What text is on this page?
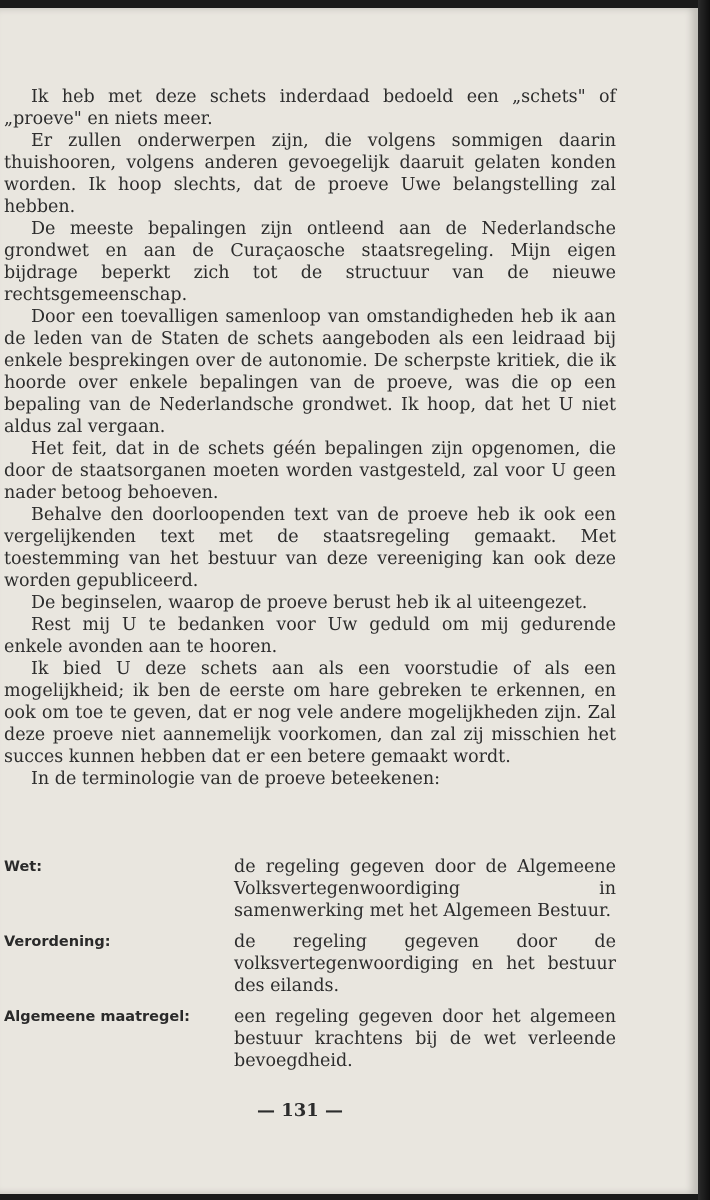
Ik heb met deze schets inderdaad bedoeld een „schets" of „proeve" en niets meer.

Er zullen onderwerpen zijn, die volgens sommigen daarin thuishooren, volgens anderen gevoegelijk daaruit gelaten konden worden. Ik hoop slechts, dat de proeve Uwe belangstelling zal hebben.

De meeste bepalingen zijn ontleend aan de Nederlandsche grondwet en aan de Curaçaosche staatsregeling. Mijn eigen bijdrage beperkt zich tot de structuur van de nieuwe rechtsgemeenschap.

Door een toevalligen samenloop van omstandigheden heb ik aan de leden van de Staten de schets aangeboden als een leidraad bij enkele besprekingen over de autonomie. De scherpste kritiek, die ik hoorde over enkele bepalingen van de proeve, was die op een bepaling van de Nederlandsche grondwet. Ik hoop, dat het U niet aldus zal vergaan.

Het feit, dat in de schets géén bepalingen zijn opgenomen, die door de staatsorganen moeten worden vastgesteld, zal voor U geen nader betoog behoeven.

Behalve den doorloopenden text van de proeve heb ik ook een vergelijkenden text met de staatsregeling gemaakt. Met toestemming van het bestuur van deze vereeniging kan ook deze worden gepubliceerd.

De beginselen, waarop de proeve berust heb ik al uiteengezet.

Rest mij U te bedanken voor Uw geduld om mij gedurende enkele avonden aan te hooren.

Ik bied U deze schets aan als een voorstudie of als een mogelijkheid; ik ben de eerste om hare gebreken te erkennen, en ook om toe te geven, dat er nog vele andere mogelijkheden zijn. Zal deze proeve niet aannemelijk voorkomen, dan zal zij misschien het succes kunnen hebben dat er een betere gemaakt wordt.

In de terminologie van de proeve beteekenen:

Wet:	de regeling gegeven door de Algemeene Volksvertegenwoordiging in samenwerking met het Algemeen Bestuur.
Verordening:	de regeling gegeven door de volksvertegenwoordiging en het bestuur des eilands.
Algemeene maatregel:	een regeling gegeven door het algemeen bestuur krachtens bij de wet verleende bevoegdheid.
— 131 —
